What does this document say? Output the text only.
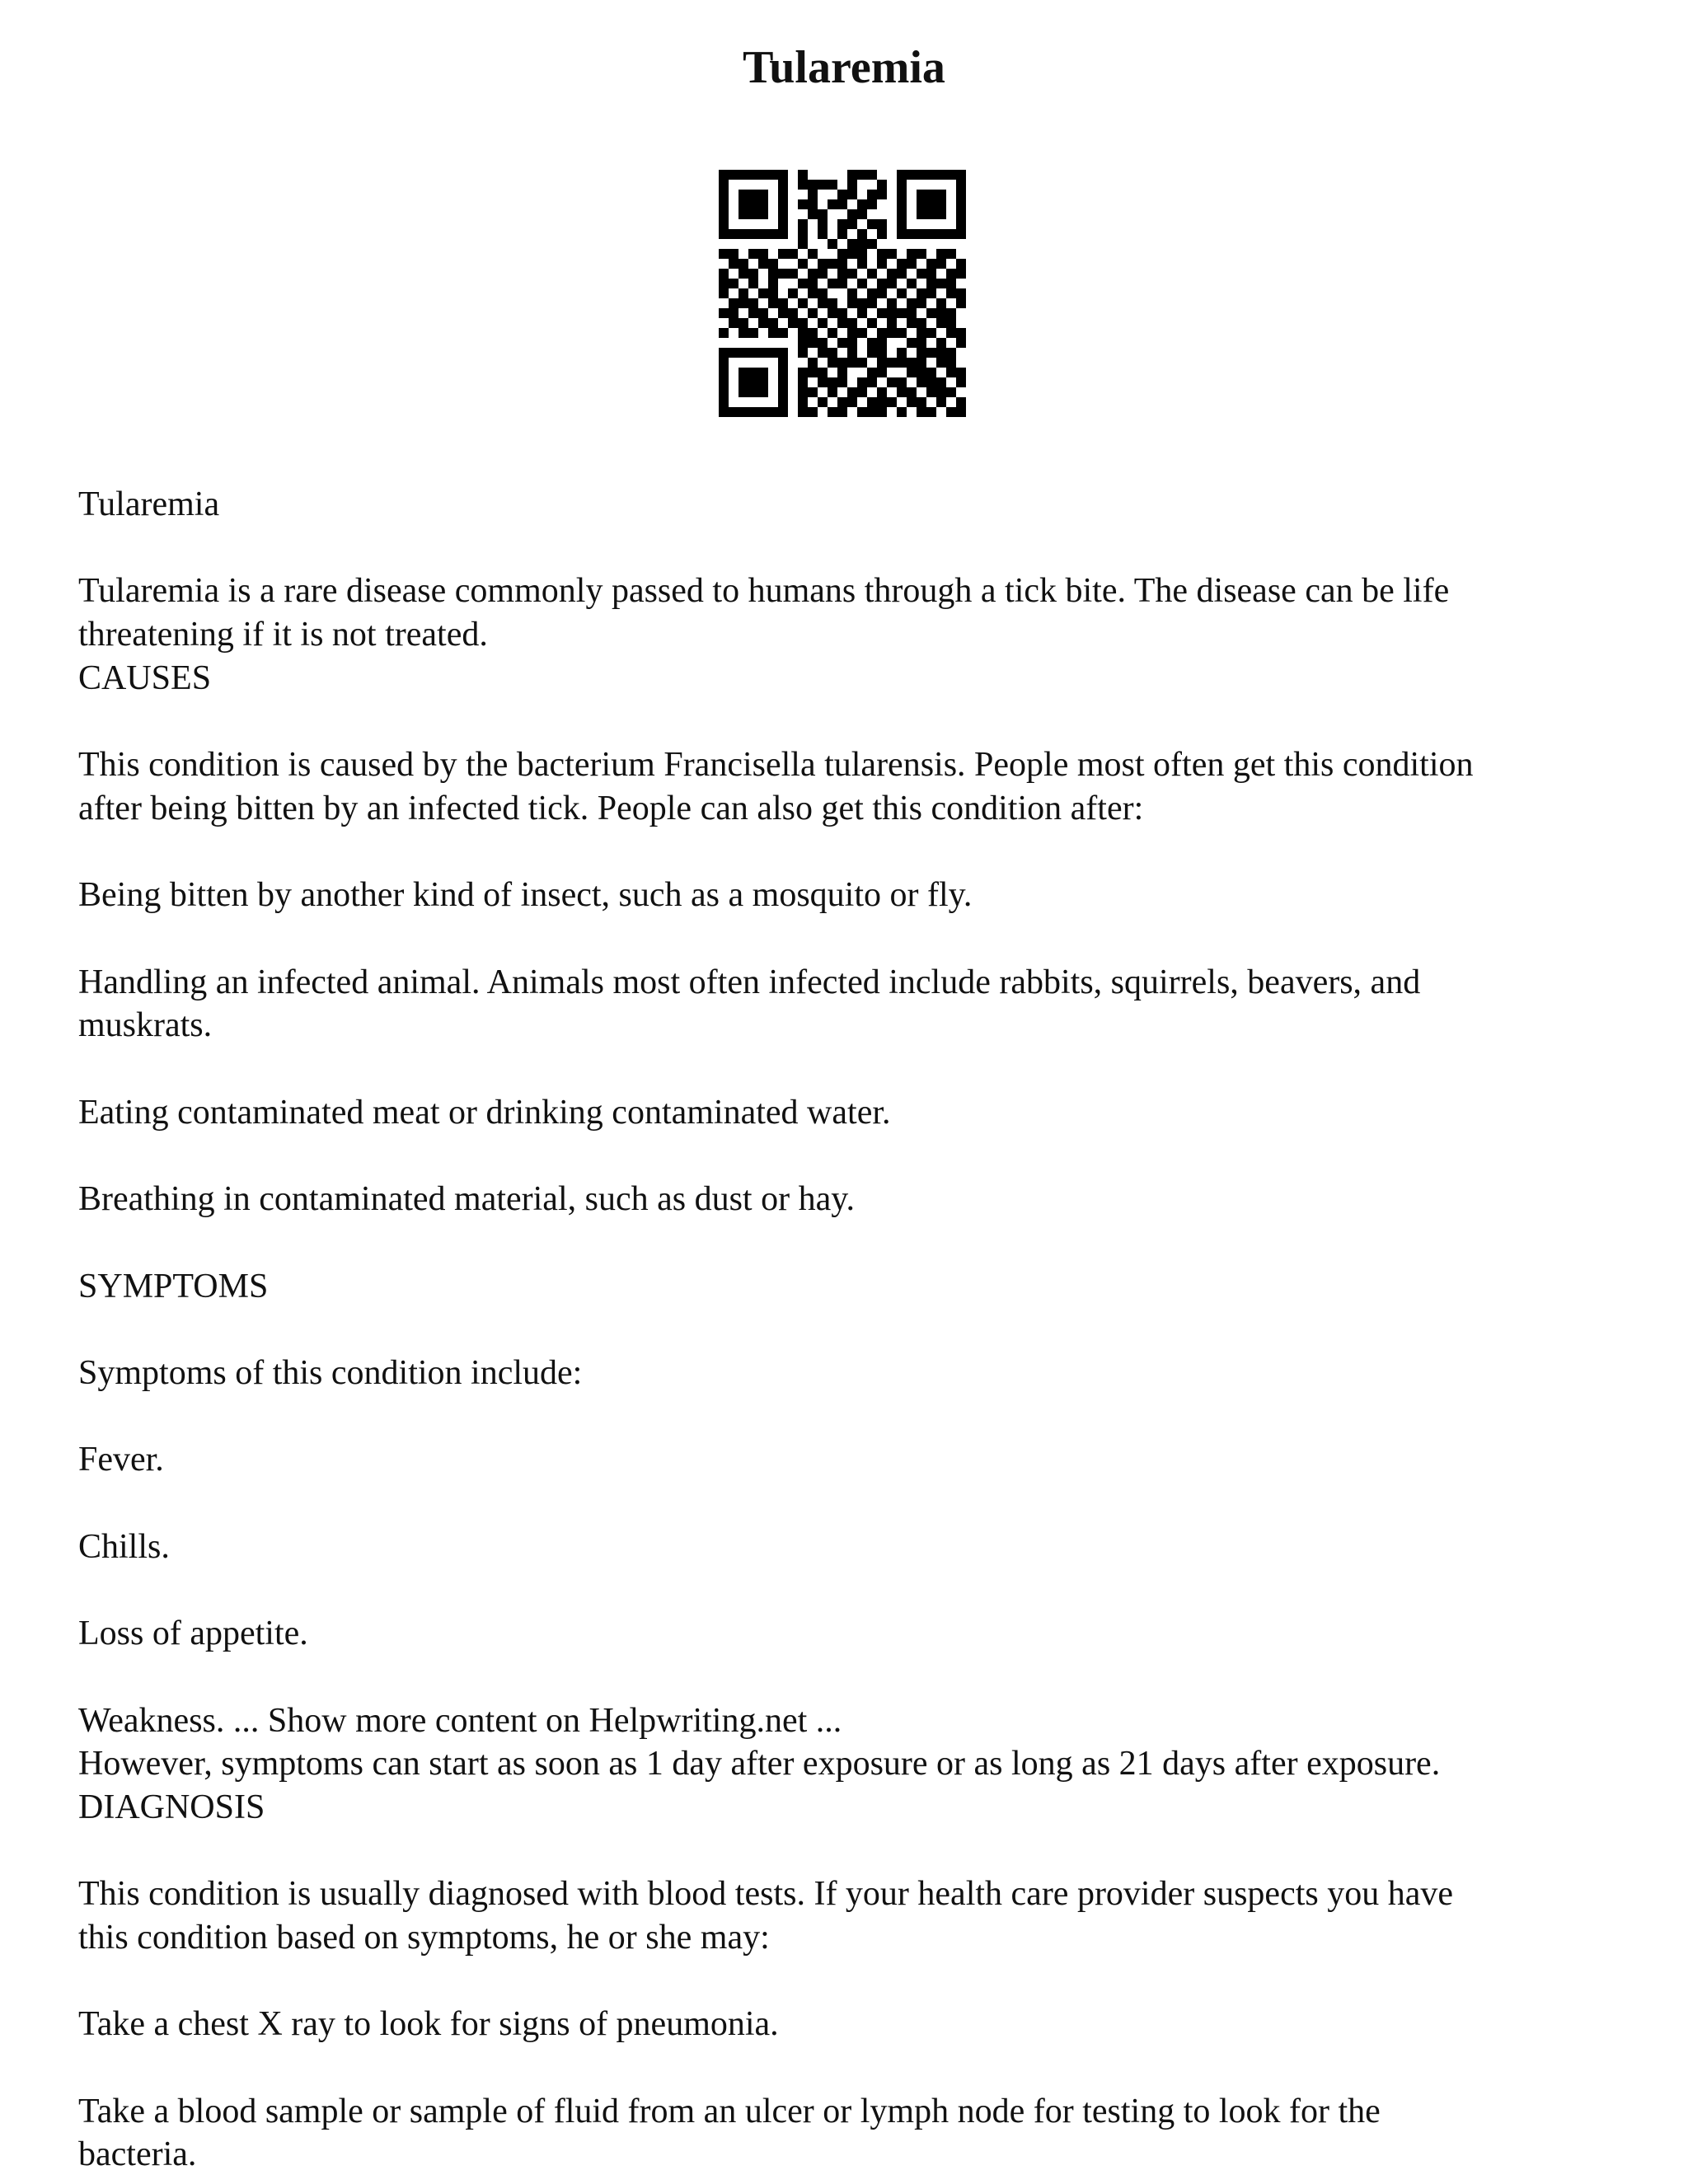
Tularemia

Tularemia

Tularemia is a rare disease commonly passed to humans through a tick bite. The disease can be life

threatening if it is not treated.

CAUSES

This condition is caused by the bacterium Francisella tularensis. People most often get this condition

after being bitten by an infected tick. People can also get this condition after:

Being bitten by another kind of insect, such as a mosquito or fly.

Handling an infected animal. Animals most often infected include rabbits, squirrels, beavers, and

muskrats.

Eating contaminated meat or drinking contaminated water.

Breathing in contaminated material, such as dust or hay.

SYMPTOMS

Symptoms of this condition include:

Fever.

Chills.

Loss of appetite.

Weakness. ... Show more content on Helpwriting.net ...

However, symptoms can start as soon as 1 day after exposure or as long as 21 days after exposure.

DIAGNOSIS

This condition is usually diagnosed with blood tests. If your health care provider suspects you have

this condition based on symptoms, he or she may:

Take a chest X ray to look for signs of pneumonia.

Take a blood sample or sample of fluid from an ulcer or lymph node for testing to look for the

bacteria.
